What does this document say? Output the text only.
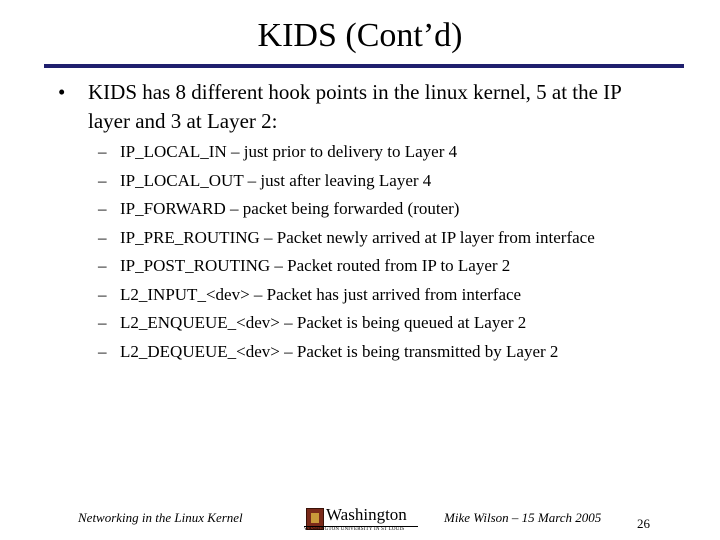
KIDS (Cont’d)
• KIDS has 8 different hook points in the linux kernel, 5 at the IP layer and 3 at Layer 2:
– IP_LOCAL_IN – just prior to delivery to Layer 4
– IP_LOCAL_OUT – just after leaving Layer 4
– IP_FORWARD – packet being forwarded (router)
– IP_PRE_ROUTING – Packet newly arrived at IP layer from interface
– IP_POST_ROUTING – Packet routed from IP to Layer 2
– L2_INPUT_<dev> – Packet has just arrived from interface
– L2_ENQUEUE_<dev> – Packet is being queued at Layer 2
– L2_DEQUEUE_<dev> – Packet is being transmitted by Layer 2
Networking in the Linux Kernel	Washington
WASHINGTON UNIVERSITY IN ST LOUIS
Mike Wilson – 15 March 2005	26
